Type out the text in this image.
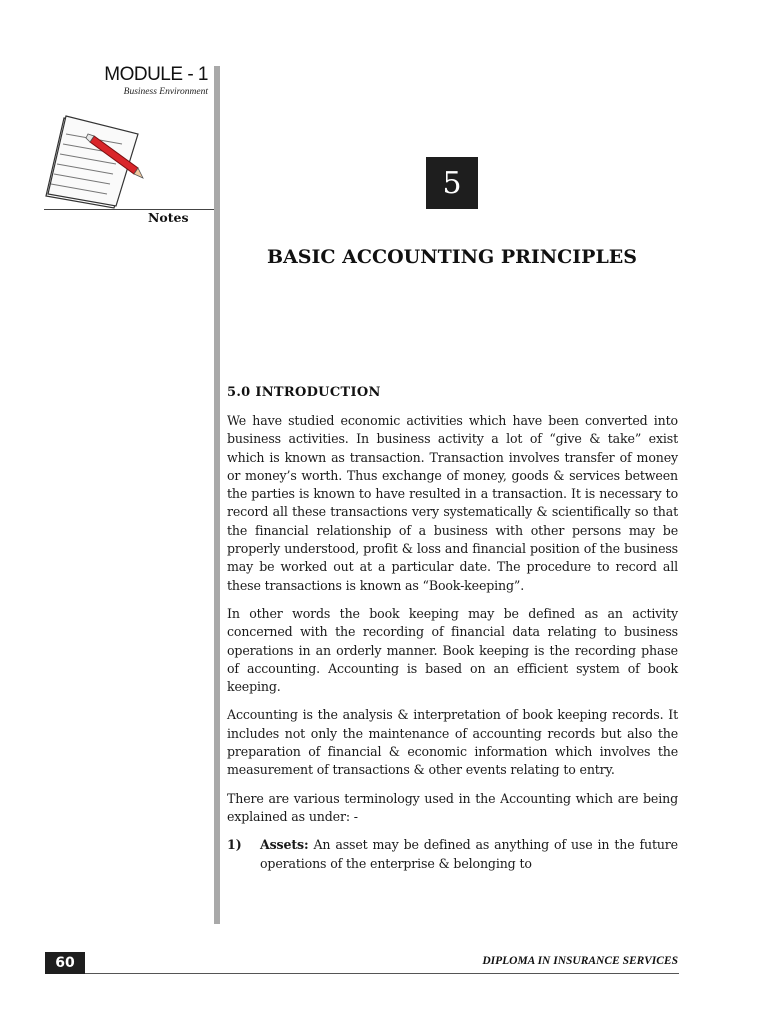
MODULE - 1
Business Environment
Notes
5
BASIC ACCOUNTING PRINCIPLES
5.0 INTRODUCTION

We have studied economic activities which have been converted into business activities. In business activity a lot of “give & take” exist which is known as transaction. Transaction involves transfer of money or money’s worth. Thus exchange of money, goods & services between the parties is known to have resulted in a transaction. It is necessary to record all these transactions very systematically & scientifically so that the financial relationship of a business with other persons may be properly understood, profit & loss and financial position of the business may be worked out at a particular date. The procedure to record all these transactions is known as “Book-keeping”.

In other words the book keeping may be defined as an activity concerned with the recording of financial data relating to business operations in an orderly manner. Book keeping is the recording phase of accounting. Accounting is based on an efficient system of book keeping.

Accounting is the analysis & interpretation of book keeping records. It includes not only the maintenance of accounting records but also the preparation of financial & economic information which involves the measurement of transactions & other events relating to entry.

There are various terminology used in the Accounting which are being explained as under: -

1)	Assets: An asset may be defined as anything of use in the future operations of the enterprise & belonging to
60	DIPLOMA IN INSURANCE SERVICES
